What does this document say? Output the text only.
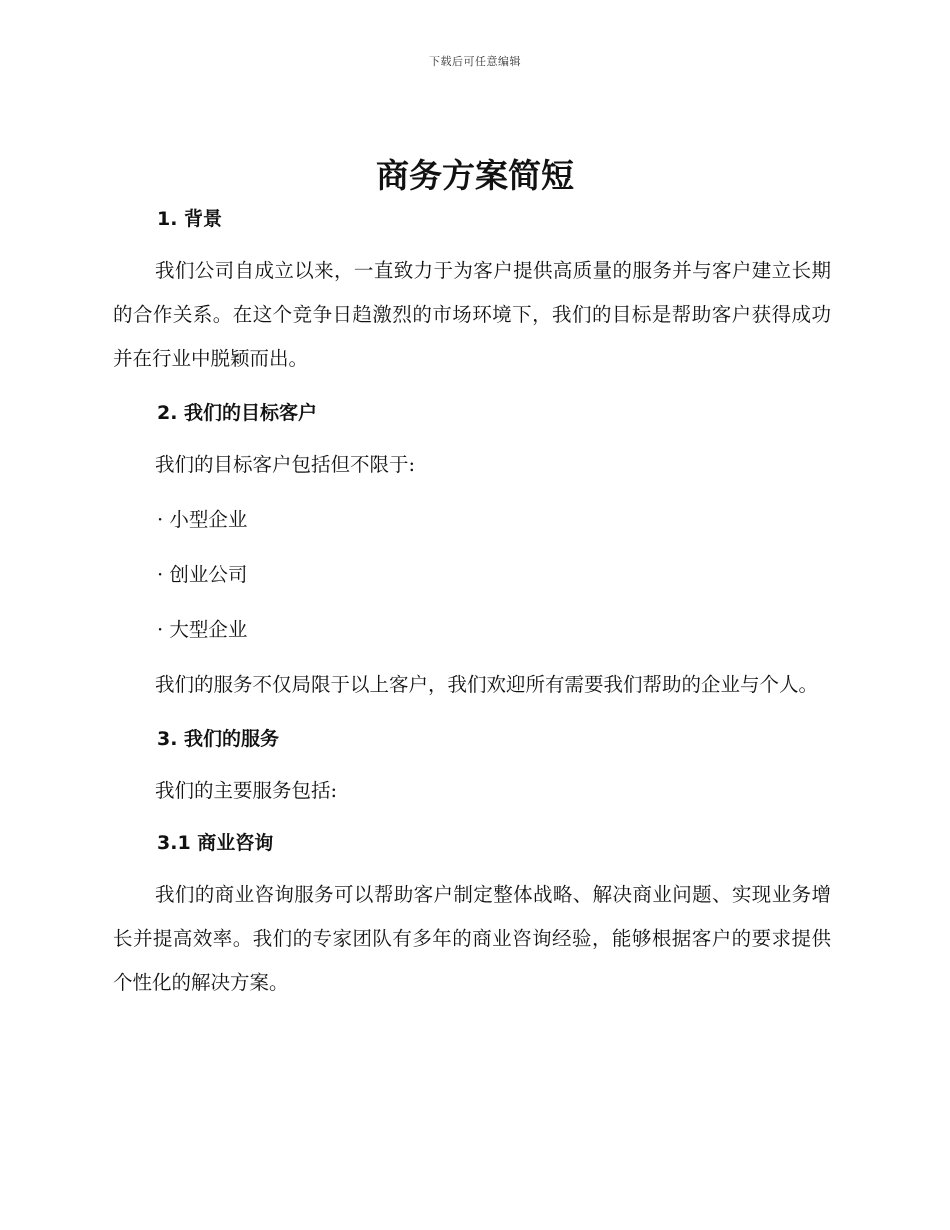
下载后可任意编辑
商务方案简短

1. 背景

我们公司自成立以来，一直致力于为客户提供高质量的服务并与客户建立长期的合作关系。在这个竞争日趋激烈的市场环境下，我们的目标是帮助客户获得成功并在行业中脱颖而出。

2. 我们的目标客户

我们的目标客户包括但不限于:

· 小型企业

· 创业公司

· 大型企业

我们的服务不仅局限于以上客户，我们欢迎所有需要我们帮助的企业与个人。

3. 我们的服务

我们的主要服务包括:

3.1 商业咨询

我们的商业咨询服务可以帮助客户制定整体战略、解决商业问题、实现业务增长并提高效率。我们的专家团队有多年的商业咨询经验，能够根据客户的要求提供个性化的解决方案。
